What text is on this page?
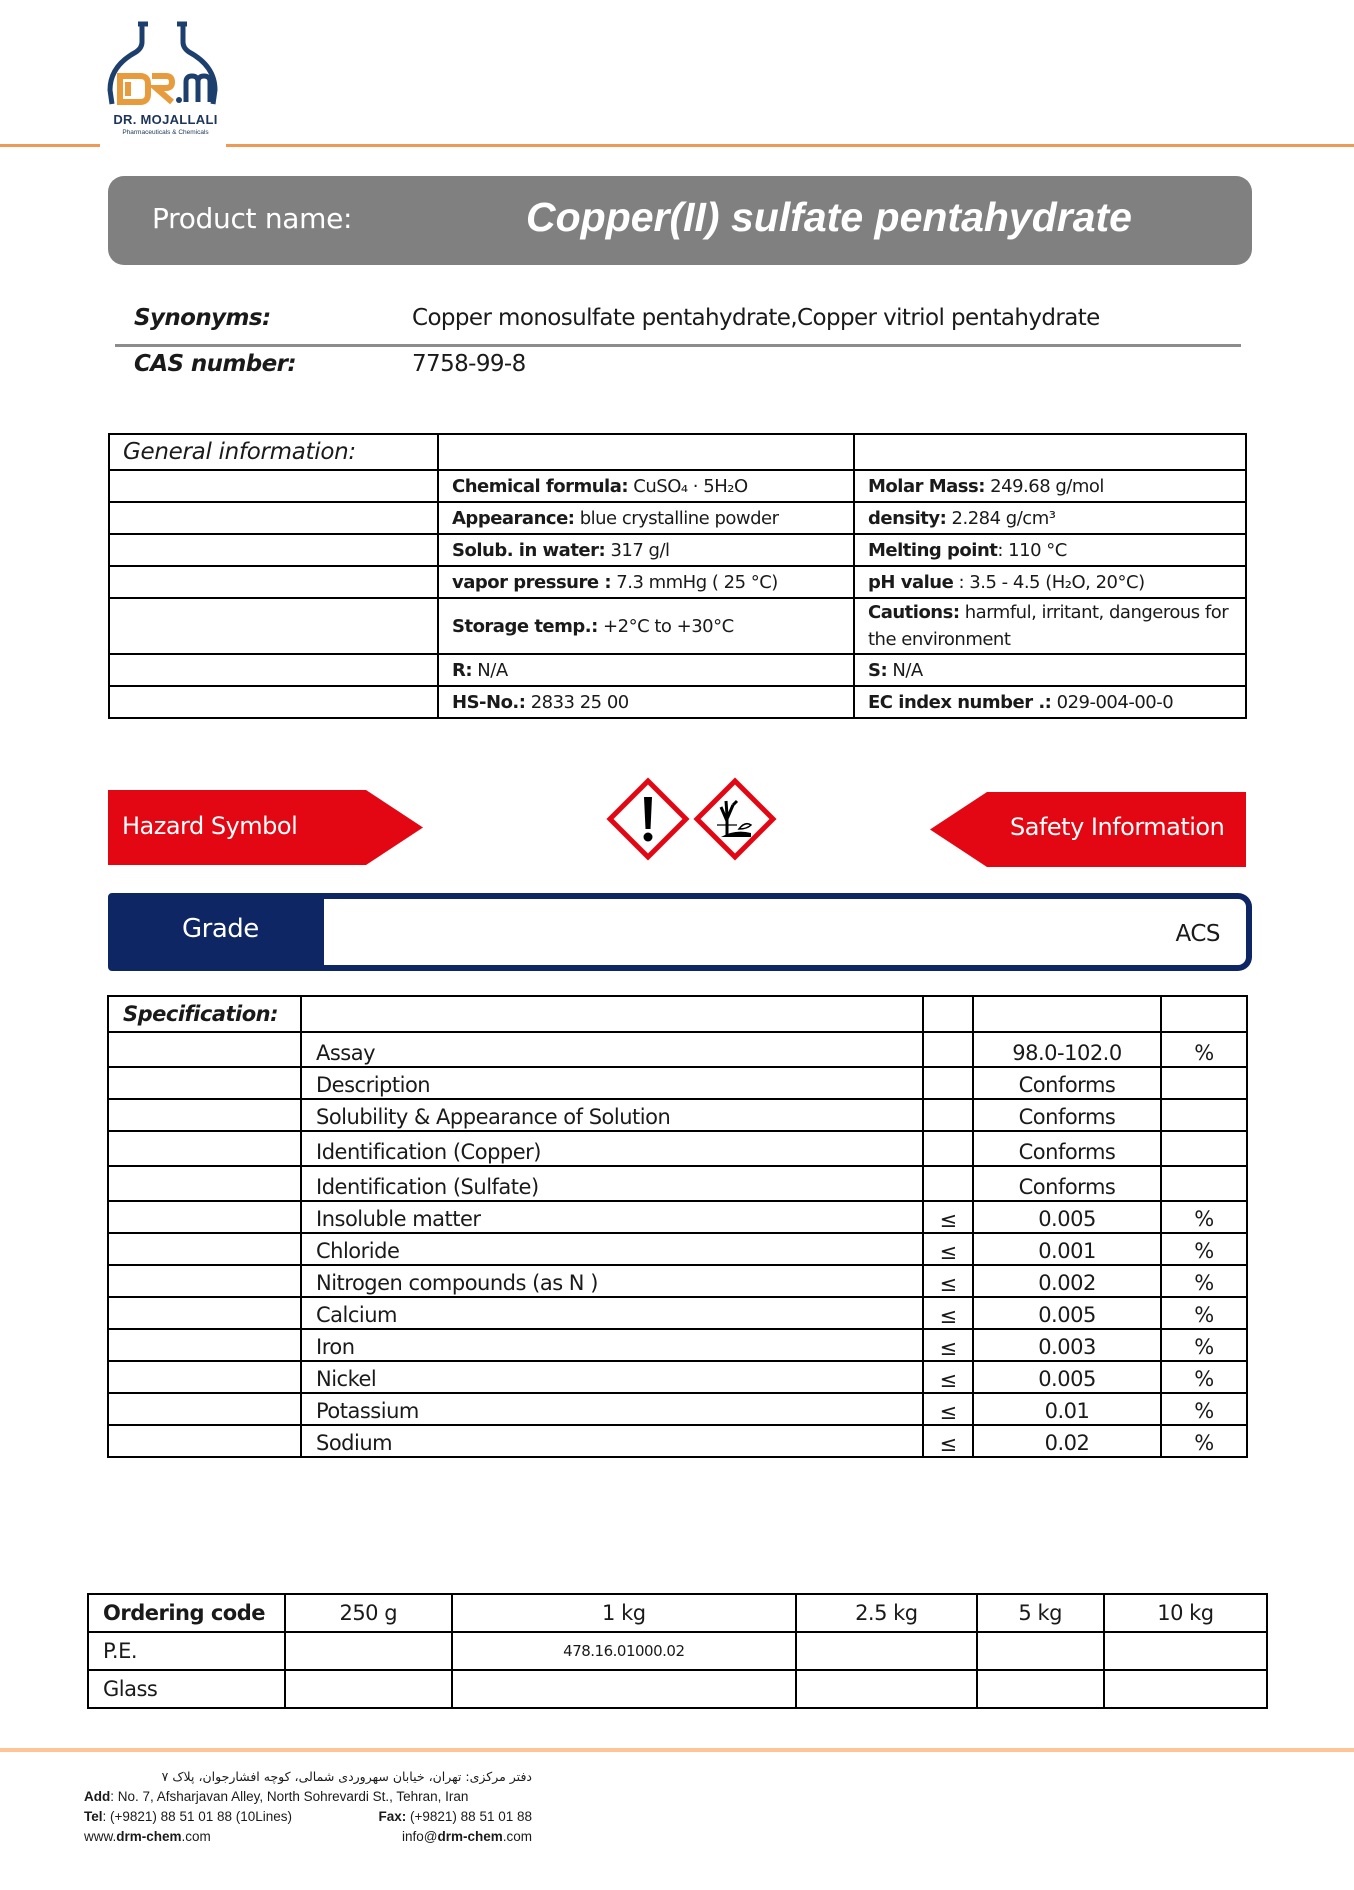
DR. MOJALLALI
Pharmaceuticals & Chemicals
Product name:	Copper(II) sulfate pentahydrate
Synonyms:	Copper monosulfate pentahydrate,Copper vitriol pentahydrate
CAS number:	7758-99-8
General information:		
	Chemical formula: CuSO₄ · 5H₂O	Molar Mass: 249.68 g/mol
	Appearance: blue crystalline powder	density: 2.284 g/cm³
	Solub. in water: 317 g/l	Melting point: 110 °C
	vapor pressure : 7.3 mmHg ( 25 °C)	pH value : 3.5 - 4.5 (H₂O, 20°C)
	Storage temp.: +2°C to +30°C	Cautions: harmful, irritant, dangerous for the environment
	R: N/A	S: N/A
	HS-No.: 2833 25 00	EC index number .: 029-004-00-0
Hazard Symbol	Safety Information
Grade	ACS
Specification:				
	Assay		98.0-102.0	%
	Description		Conforms	
	Solubility & Appearance of Solution		Conforms	
	Identification (Copper)		Conforms	
	Identification (Sulfate)		Conforms	
	Insoluble matter	≤	0.005	%
	Chloride	≤	0.001	%
	Nitrogen compounds (as N )	≤	0.002	%
	Calcium	≤	0.005	%
	Iron	≤	0.003	%
	Nickel	≤	0.005	%
	Potassium	≤	0.01	%
	Sodium	≤	0.02	%
Ordering code	250 g	1 kg	2.5 kg	5 kg	10 kg
P.E.		478.16.01000.02			
Glass					
دفتر مرکزی: تهران، خیابان سهروردی شمالی، کوچه افشارجوان، پلاک ۷
Add: No. 7, Afsharjavan Alley, North Sohrevardi St., Tehran, Iran
Tel: (+9821) 88 51 01 88 (10Lines)	Fax: (+9821) 88 51 01 88
www.drm-chem.com	info@drm-chem.com
